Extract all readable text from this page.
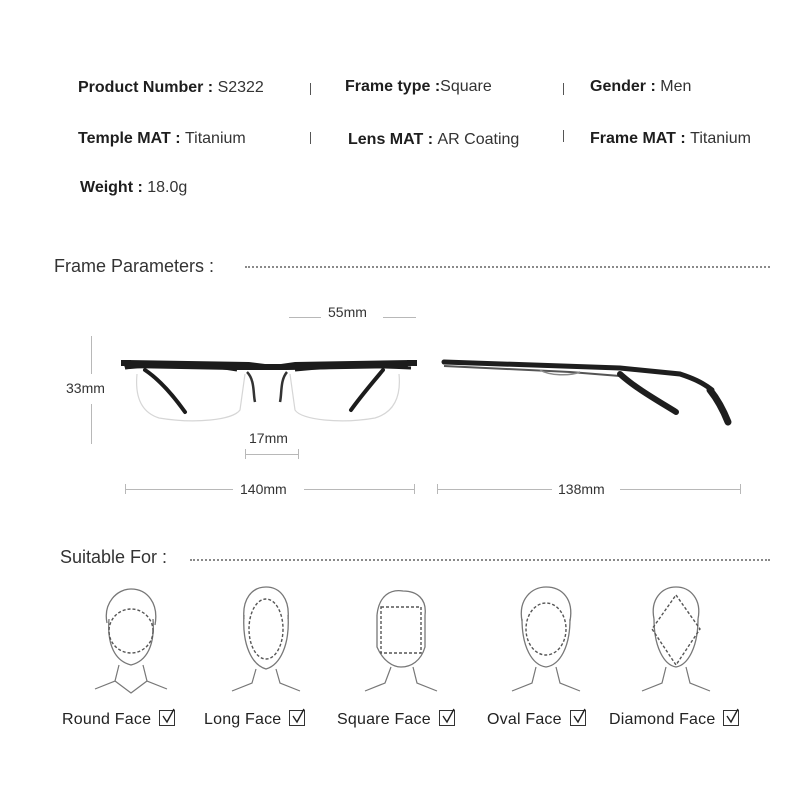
Product Number : S2322	Frame type :Square	Gender : Men
Temple MAT : Titanium	Lens MAT : AR Coating	Frame MAT : Titanium
Weight : 18.0g
Frame Parameters :
55mm
33mm
17mm
140mm	138mm
Suitable For :
Round Face	Long Face	Square Face	Oval Face	Diamond Face
